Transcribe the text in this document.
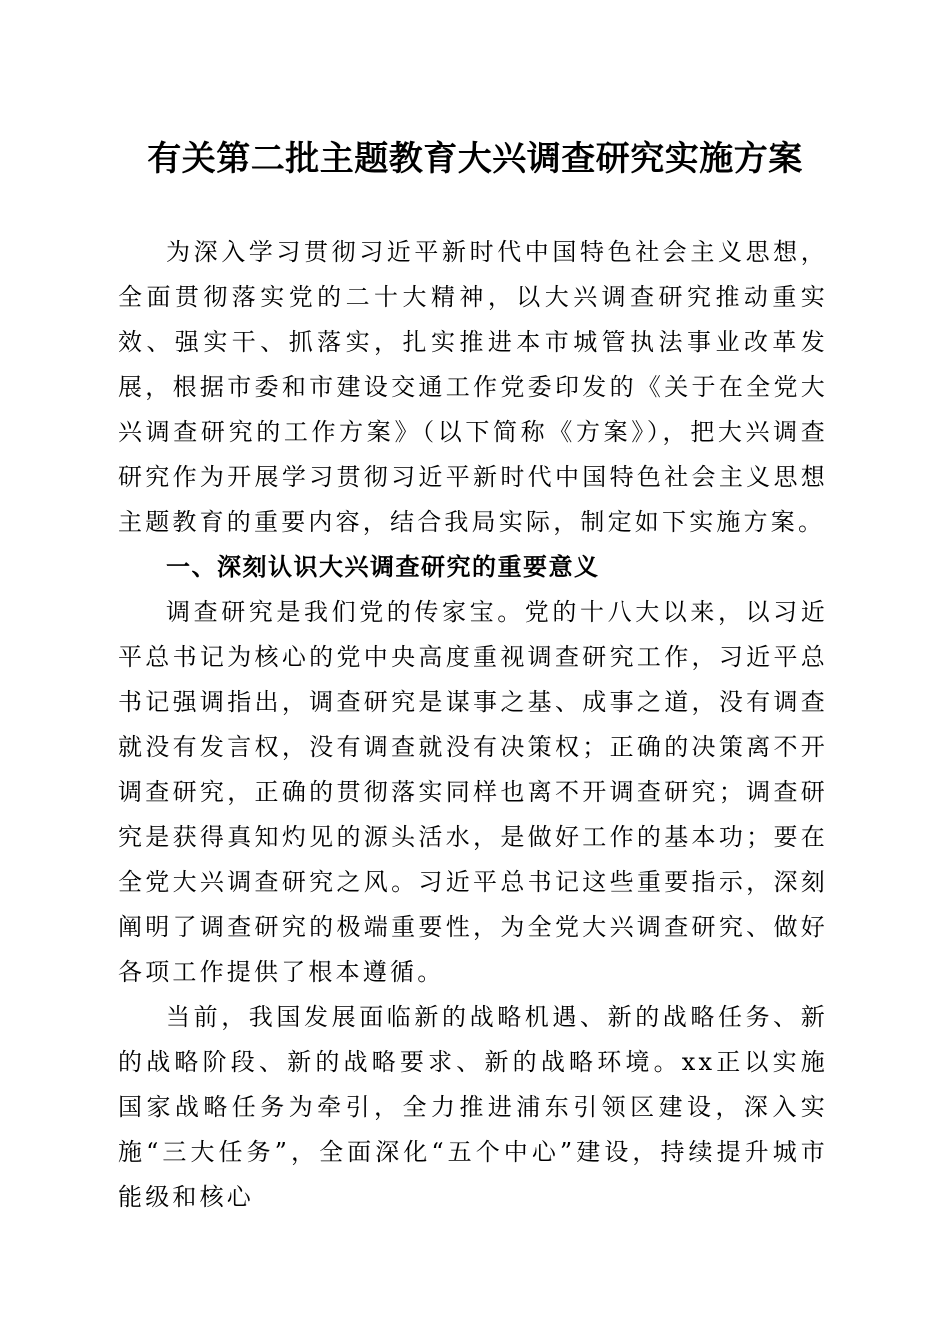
有关第二批主题教育大兴调查研究实施方案

为深入学习贯彻习近平新时代中国特色社会主义思想，全面贯彻落实党的二十大精神，以大兴调查研究推动重实效、强实干、抓落实，扎实推进本市城管执法事业改革发展，根据市委和市建设交通工作党委印发的《关于在全党大兴调查研究的工作方案》（以下简称《方案》），把大兴调查研究作为开展学习贯彻习近平新时代中国特色社会主义思想主题教育的重要内容，结合我局实际，制定如下实施方案。

一、深刻认识大兴调查研究的重要意义

调查研究是我们党的传家宝。党的十八大以来，以习近平总书记为核心的党中央高度重视调查研究工作，习近平总书记强调指出，调查研究是谋事之基、成事之道，没有调查就没有发言权，没有调查就没有决策权；正确的决策离不开调查研究，正确的贯彻落实同样也离不开调查研究；调查研究是获得真知灼见的源头活水，是做好工作的基本功；要在全党大兴调查研究之风。习近平总书记这些重要指示，深刻阐明了调查研究的极端重要性，为全党大兴调查研究、做好各项工作提供了根本遵循。

当前，我国发展面临新的战略机遇、新的战略任务、新的战略阶段、新的战略要求、新的战略环境。xx正以实施国家战略任务为牵引，全力推进浦东引领区建设，深入实施“三大任务”，全面深化“五个中心”建设，持续提升城市能级和核心
